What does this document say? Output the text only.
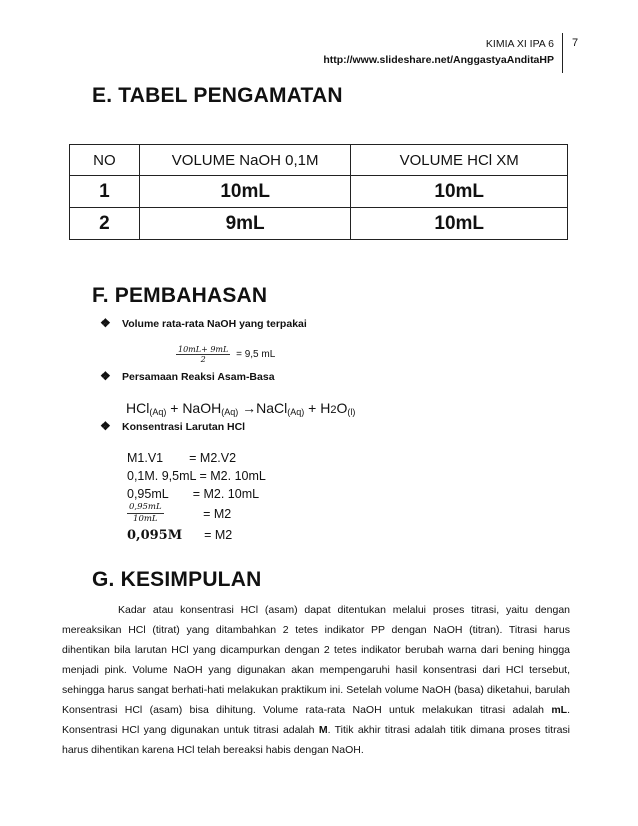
KIMIA XI IPA 6
http://www.slideshare.net/AnggastyaAnditaHP
7
E. TABEL PENGAMATAN
NO	VOLUME NaOH 0,1M	VOLUME HCl XM
1	10mL	10mL
2	9mL	10mL
F. PEMBAHASAN
❖ Volume rata-rata NaOH yang terpakai
$\frac{10mL+ 9mL}{2} = 9,5$ mL
❖ Persamaan Reaksi Asam-Basa
HCl$_{(Aq)}$ + NaOH$_{(Aq)}$ →NaCl$_{(Aq)}$ + $H2O_{(l)}$
❖ Konsentrasi Larutan HCl
M1.V1 = M2.V2
0,1M. 9,5mL = M2. 10mL
0,95mL = M2. 10mL
$\frac{0,95mL}{10mL}$	= M2
0,095M = M2
G. KESIMPULAN

Kadar atau konsentrasi HCl (asam) dapat ditentukan melalui proses titrasi, yaitu dengan mereaksikan HCl (titrat) yang ditambahkan 2 tetes indikator PP dengan NaOH (titran). Titrasi harus dihentikan bila larutan HCl yang dicampurkan dengan 2 tetes indikator berubah warna dari bening hingga menjadi pink. Volume NaOH yang digunakan akan mempengaruhi hasil konsentrasi dari HCl tersebut, sehingga harus sangat berhati-hati melakukan praktikum ini. Setelah volume NaOH (basa) diketahui, barulah Konsentrasi HCl (asam) bisa dihitung. Volume rata-rata NaOH untuk melakukan titrasi adalah mL. Konsentrasi HCl yang digunakan untuk titrasi adalah M. Titik akhir titrasi adalah titik dimana proses titrasi harus dihentikan karena HCl telah bereaksi habis dengan NaOH.
